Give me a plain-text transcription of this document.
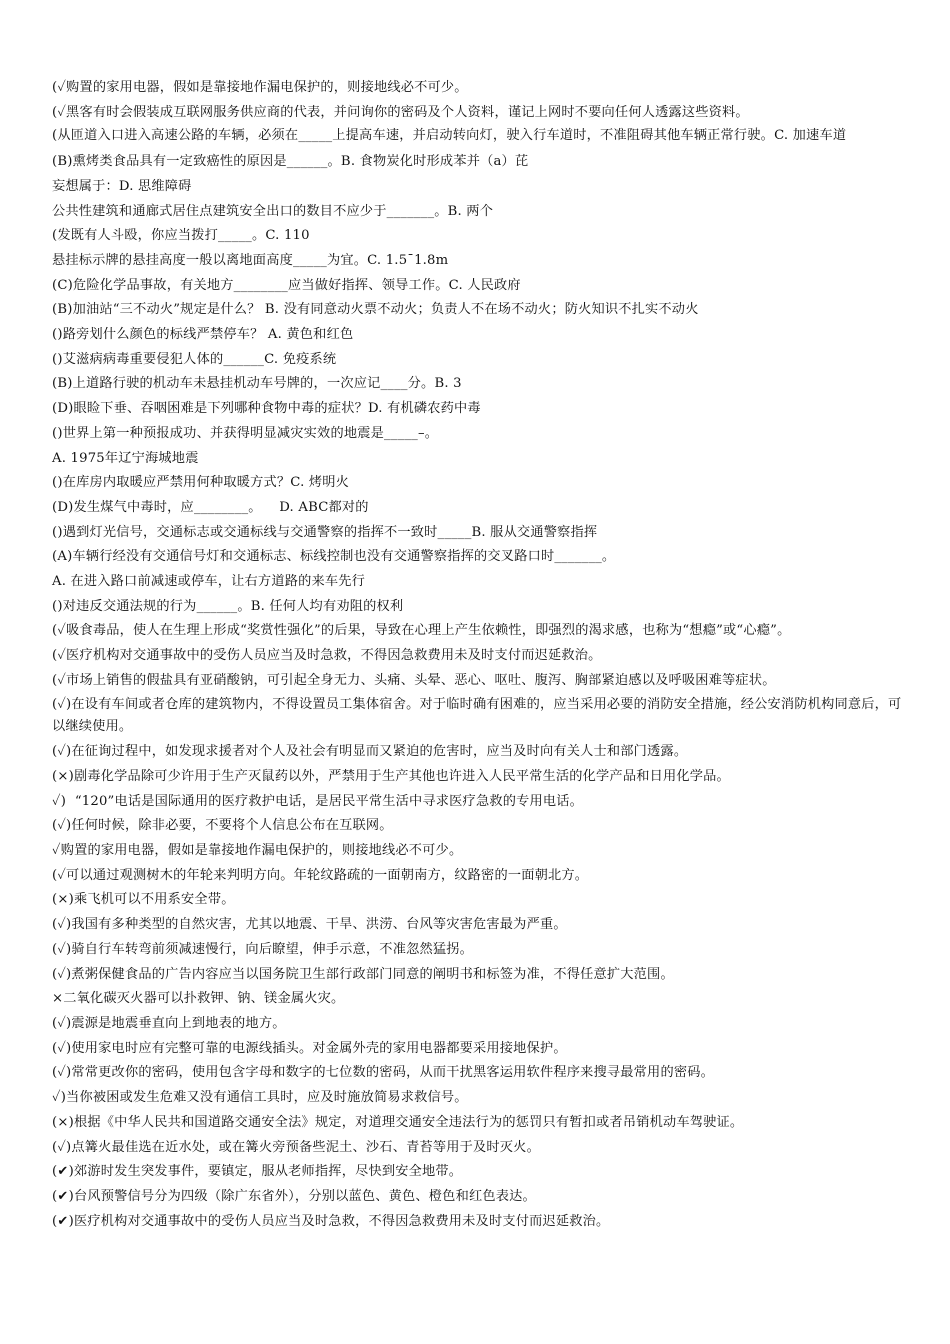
(✓购置的家用电器，假如是靠接地作漏电保护的，则接地线必不可少。

(✓黑客有时会假装成互联网服务供应商的代表，并问询你的密码及个人资料，谨记上网时不要向任何人透露这些资料。

(从匝道入口进入高速公路的车辆，必须在_____上提高车速，并启动转向灯，驶入行车道时，不准阻碍其他车辆正常行驶。C. 加速车道

(B)熏烤类食品具有一定致癌性的原因是______。B. 食物炭化时形成苯并（a）芘

妄想属于：D. 思维障碍

公共性建筑和通廊式居住点建筑安全出口的数目不应少于_______。B. 两个

(发既有人斗殴，你应当拨打_____。C. 110

悬挂标示牌的悬挂高度一般以离地面高度_____为宜。C. 1.5¯1.8m

(C)危险化学品事故，有关地方________应当做好指挥、领导工作。C. 人民政府

(B)加油站“三不动火”规定是什么？ B. 没有同意动火票不动火；负责人不在场不动火；防火知识不扎实不动火

()路旁划什么颜色的标线严禁停车？ A. 黄色和红色

()艾滋病病毒重要侵犯人体的______C. 免疫系统

(B)上道路行驶的机动车未悬挂机动车号牌的，一次应记____分。B. 3

(D)眼睑下垂、吞咽困难是下列哪种食物中毒的症状？D. 有机磷农药中毒

()世界上第一种预报成功、并获得明显减灾实效的地震是_____–。

A. 1975年辽宁海城地震

()在库房内取暖应严禁用何种取暖方式？C. 烤明火

(D)发生煤气中毒时，应________。    D. ABC都对的

()遇到灯光信号，交通标志或交通标线与交通警察的指挥不一致时_____B. 服从交通警察指挥

(A)车辆行经没有交通信号灯和交通标志、标线控制也没有交通警察指挥的交叉路口时_______。

A. 在进入路口前减速或停车，让右方道路的来车先行

()对违反交通法规的行为______。B. 任何人均有劝阻的权利

(✓吸食毒品，使人在生理上形成“奖赏性强化”的后果，导致在心理上产生依赖性，即强烈的渴求感，也称为“想瘾”或“心瘾”。

(✓医疗机构对交通事故中的受伤人员应当及时急救，不得因急救费用未及时支付而迟延救治。

(✓市场上销售的假盐具有亚硝酸钠，可引起全身无力、头痛、头晕、恶心、呕吐、腹泻、胸部紧迫感以及呼吸困难等症状。

(✓)在设有车间或者仓库的建筑物内，不得设置员工集体宿舍。对于临时确有困难的，应当采用必要的消防安全措施，经公安消防机构同意后，可以继续使用。

(✓)在征询过程中，如发现求援者对个人及社会有明显而又紧迫的危害时，应当及时向有关人士和部门透露。

(×)剧毒化学品除可少许用于生产灭鼠药以外，严禁用于生产其他也许进入人民平常生活的化学产品和日用化学品。

✓)  “120”电话是国际通用的医疗救护电话，是居民平常生活中寻求医疗急救的专用电话。

(✓)任何时候，除非必要，不要将个人信息公布在互联网。

✓购置的家用电器，假如是靠接地作漏电保护的，则接地线必不可少。

(✓可以通过观测树木的年轮来判明方向。年轮纹路疏的一面朝南方，纹路密的一面朝北方。

(×)乘飞机可以不用系安全带。

(✓)我国有多种类型的自然灾害，尤其以地震、干旱、洪涝、台风等灾害危害最为严重。

(✓)骑自行车转弯前须减速慢行，向后瞭望，伸手示意，不准忽然猛拐。

(✓)煮粥保健食品的广告内容应当以国务院卫生部行政部门同意的阐明书和标签为准，不得任意扩大范围。

×二氧化碳灭火器可以扑救钾、钠、镁金属火灾。

(✓)震源是地震垂直向上到地表的地方。

(✓)使用家电时应有完整可靠的电源线插头。对金属外壳的家用电器都要采用接地保护。

(✓)常常更改你的密码，使用包含字母和数字的七位数的密码，从而干扰黑客运用软件程序来搜寻最常用的密码。

✓)当你被困或发生危难又没有通信工具时，应及时施放简易求救信号。

(×)根据《中华人民共和国道路交通安全法》规定，对道理交通安全违法行为的惩罚只有暂扣或者吊销机动车驾驶证。

(✓)点篝火最佳选在近水处，或在篝火旁预备些泥土、沙石、青苔等用于及时灭火。

(✔)郊游时发生突发事件，要镇定，服从老师指挥，尽快到安全地带。

(✔)台风预警信号分为四级（除广东省外），分别以蓝色、黄色、橙色和红色表达。

(✔)医疗机构对交通事故中的受伤人员应当及时急救，不得因急救费用未及时支付而迟延救治。
